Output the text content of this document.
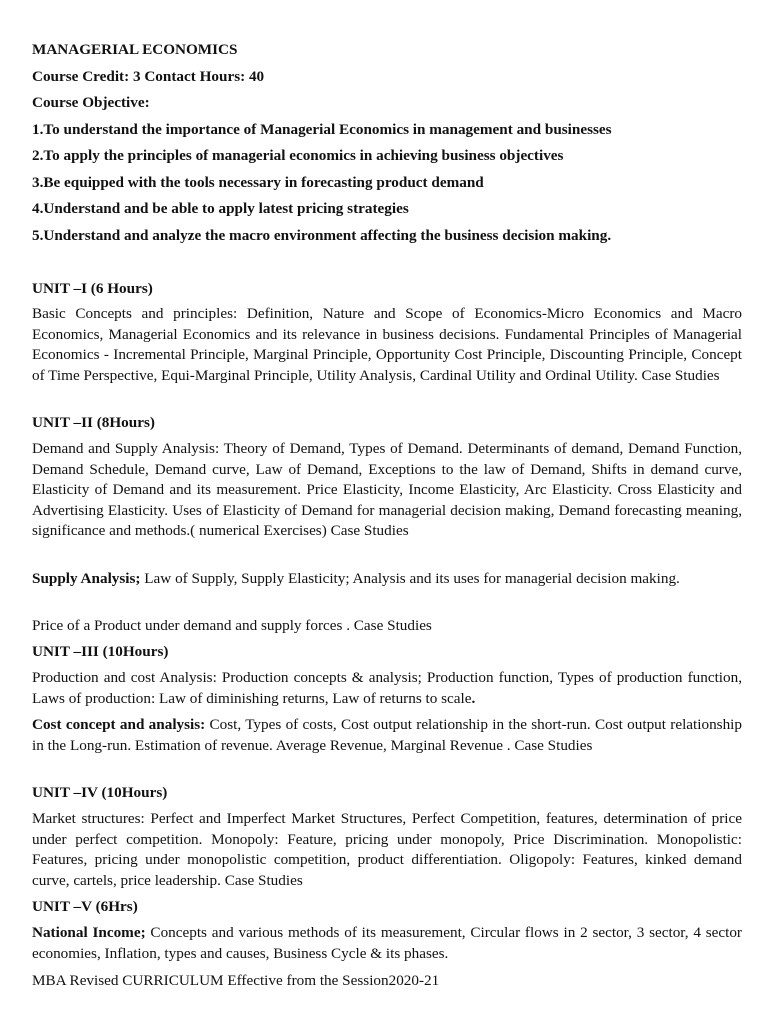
MANAGERIAL ECONOMICS
Course Credit: 3 Contact Hours: 40
Course Objective:
1.To understand the importance of Managerial Economics in management and businesses
2.To apply the principles of managerial economics in achieving business objectives
3.Be equipped with the tools necessary in forecasting product demand
4.Understand and be able to apply latest pricing strategies
5.Understand and analyze the macro environment affecting the business decision making.
UNIT –I (6 Hours)

Basic Concepts and principles: Definition, Nature and Scope of Economics-Micro Economics and Macro Economics, Managerial Economics and its relevance in business decisions. Fundamental Principles of Managerial Economics - Incremental Principle, Marginal Principle, Opportunity Cost Principle, Discounting Principle, Concept of Time Perspective, Equi-Marginal Principle, Utility Analysis, Cardinal Utility and Ordinal Utility. Case Studies

UNIT –II (8Hours)

Demand and Supply Analysis: Theory of Demand, Types of Demand. Determinants of demand, Demand Function, Demand Schedule, Demand curve, Law of Demand, Exceptions to the law of Demand, Shifts in demand curve, Elasticity of Demand and its measurement. Price Elasticity, Income Elasticity, Arc Elasticity. Cross Elasticity and Advertising Elasticity. Uses of Elasticity of Demand for managerial decision making, Demand forecasting meaning, significance and methods.( numerical Exercises) Case Studies

Supply Analysis; Law of Supply, Supply Elasticity; Analysis and its uses for managerial decision making.

Price of a Product under demand and supply forces . Case Studies

UNIT –III (10Hours)

Production and cost Analysis: Production concepts & analysis; Production function, Types of production function, Laws of production: Law of diminishing returns, Law of returns to scale.

Cost concept and analysis: Cost, Types of costs, Cost output relationship in the short-run. Cost output relationship in the Long-run. Estimation of revenue. Average Revenue, Marginal Revenue . Case Studies

UNIT –IV (10Hours)

Market structures: Perfect and Imperfect Market Structures, Perfect Competition, features, determination of price under perfect competition. Monopoly: Feature, pricing under monopoly, Price Discrimination. Monopolistic: Features, pricing under monopolistic competition, product differentiation. Oligopoly: Features, kinked demand curve, cartels, price leadership. Case Studies

UNIT –V (6Hrs)

National Income; Concepts and various methods of its measurement, Circular flows in 2 sector, 3 sector, 4 sector economies, Inflation, types and causes, Business Cycle & its phases.

MBA Revised CURRICULUM Effective from the Session2020-21
